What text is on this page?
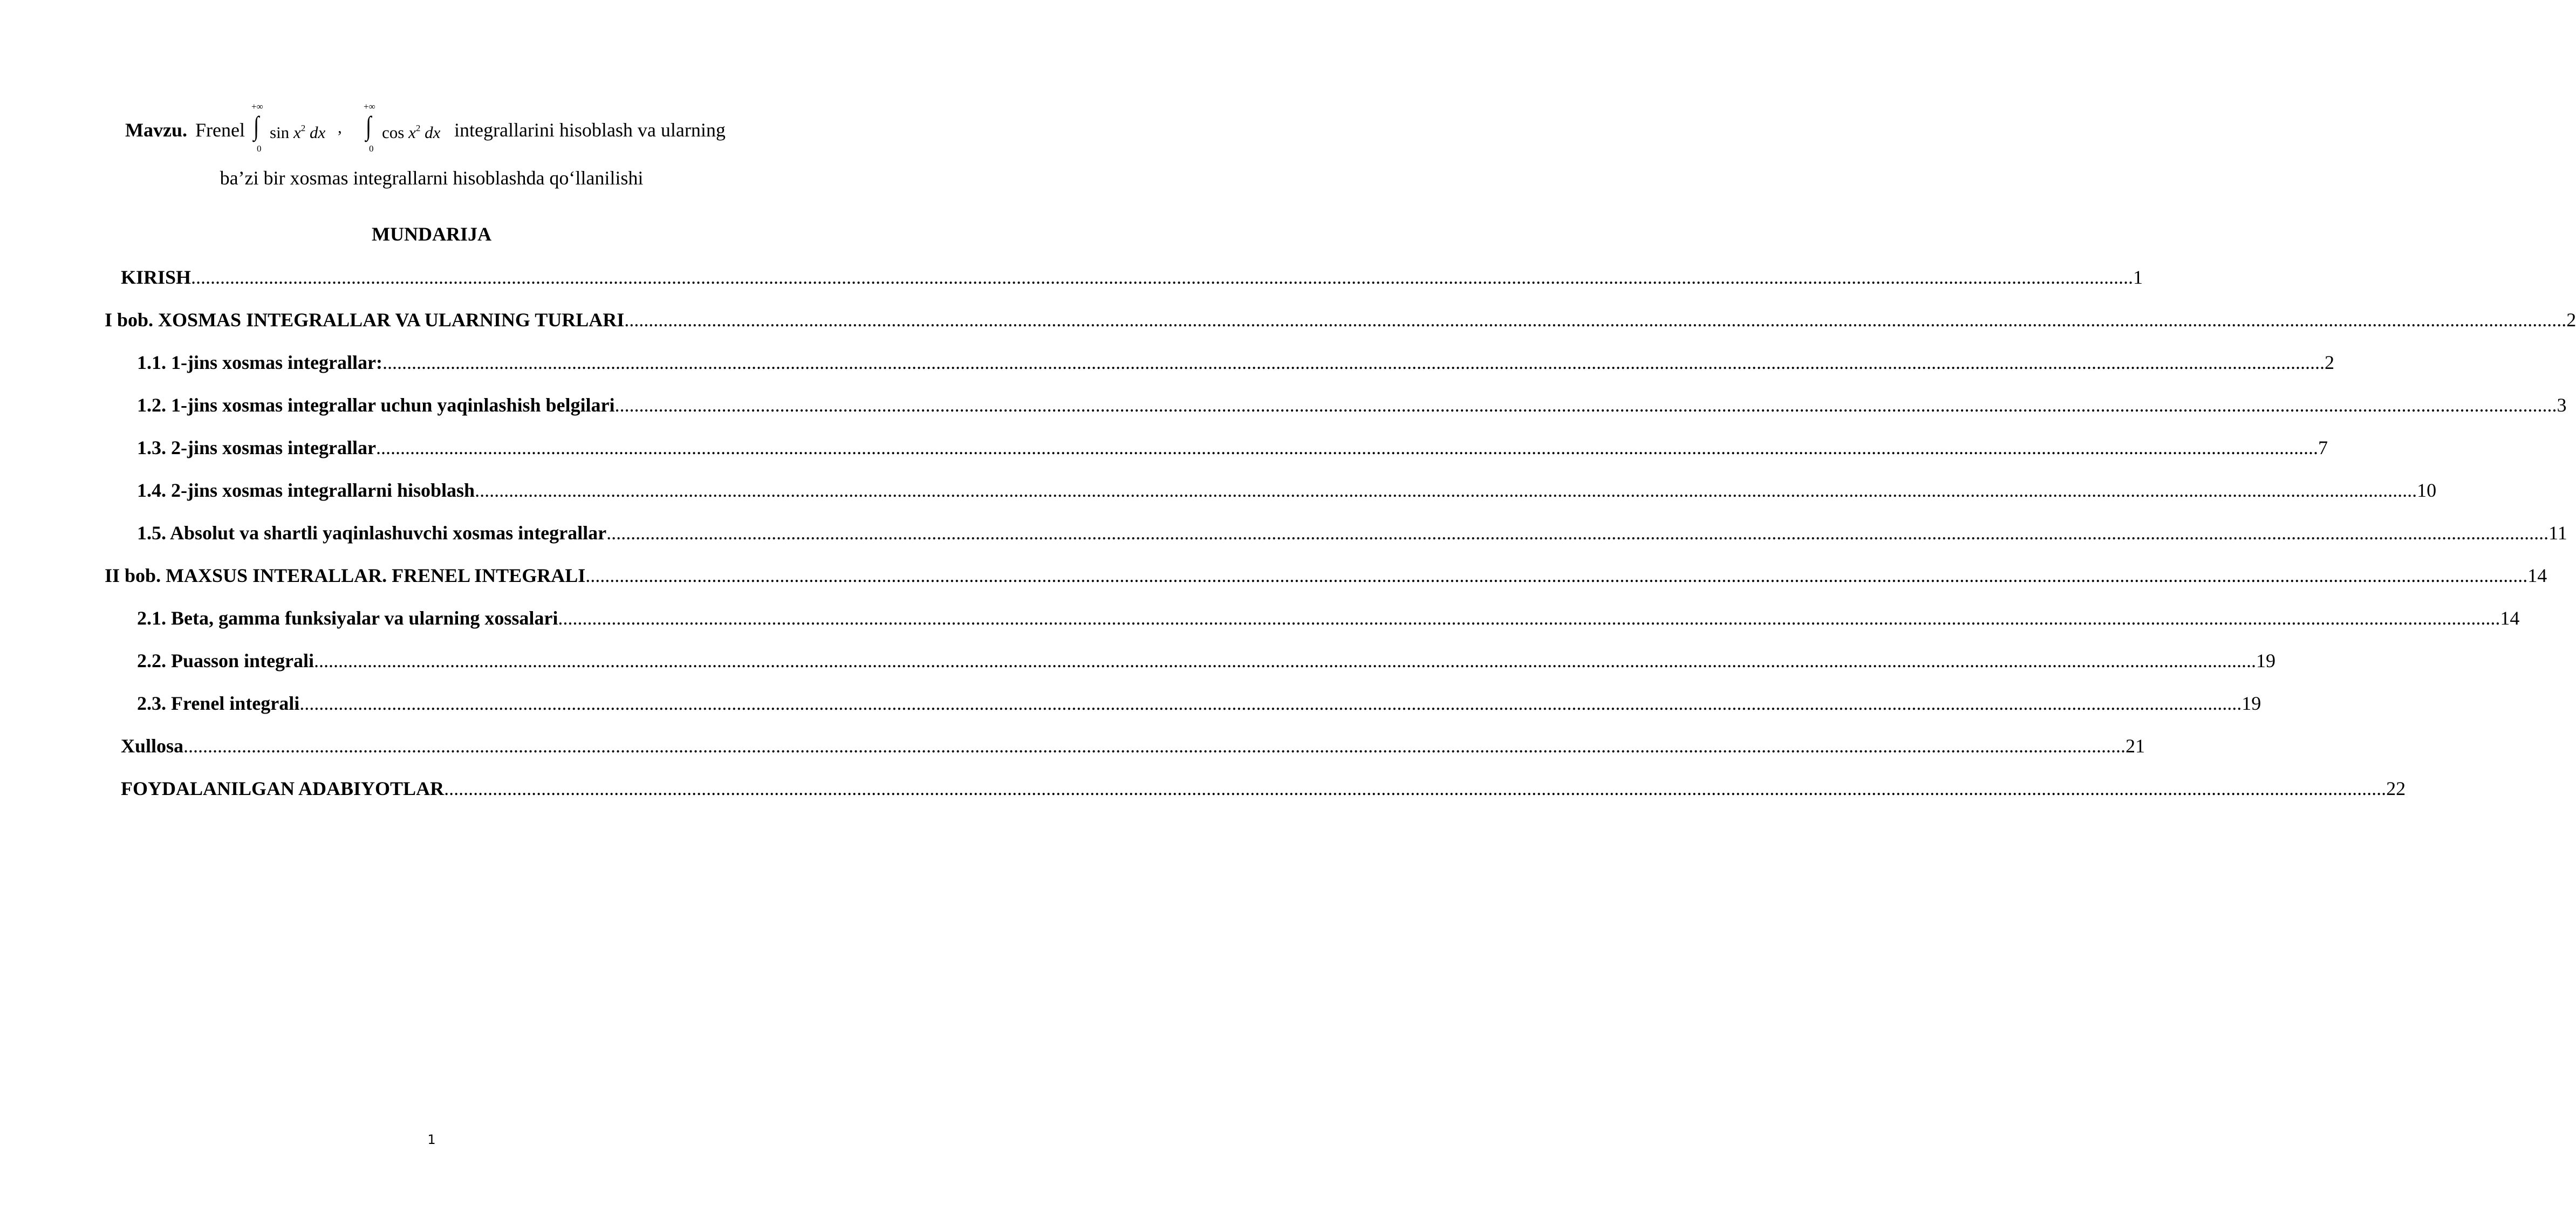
Mavzu. Frenel
+∞
∫
0
$\sin x^2$ dx ,
+∞
∫
0
$\cos x^2$ dx integrallarini hisoblash va ularning
ba’zi bir xosmas integrallarni hisoblashda qo‘llanilishi
MUNDARIJA
KIRISH ................................................................................................................................................................................................................................................................................................................................................................................................................ 1
I bob. XOSMAS INTEGRALLAR VA ULARNING TURLARI ................................................................................................................................................................................................................................................................................................................................................................................................................ 2
1.1. 1-jins xosmas integrallar: ................................................................................................................................................................................................................................................................................................................................................................................................................ 2
1.2. 1-jins xosmas integrallar uchun yaqinlashish belgilari ................................................................................................................................................................................................................................................................................................................................................................................................................ 3
1.3. 2-jins xosmas integrallar ................................................................................................................................................................................................................................................................................................................................................................................................................ 7
1.4. 2-jins xosmas integrallarni hisoblash ................................................................................................................................................................................................................................................................................................................................................................................................................ 10
1.5. Absolut va shartli yaqinlashuvchi xosmas integrallar ................................................................................................................................................................................................................................................................................................................................................................................................................ 11
II bob. MAXSUS INTERALLAR. FRENEL INTEGRALI ................................................................................................................................................................................................................................................................................................................................................................................................................ 14
2.1. Beta, gamma funksiyalar va ularning xossalari ................................................................................................................................................................................................................................................................................................................................................................................................................ 14
2.2. Puasson integrali ................................................................................................................................................................................................................................................................................................................................................................................................................ 19
2.3. Frenel integrali ................................................................................................................................................................................................................................................................................................................................................................................................................ 19
Xullosa ................................................................................................................................................................................................................................................................................................................................................................................................................ 21
FOYDALANILGAN ADABIYOTLAR ................................................................................................................................................................................................................................................................................................................................................................................................................ 22
1
